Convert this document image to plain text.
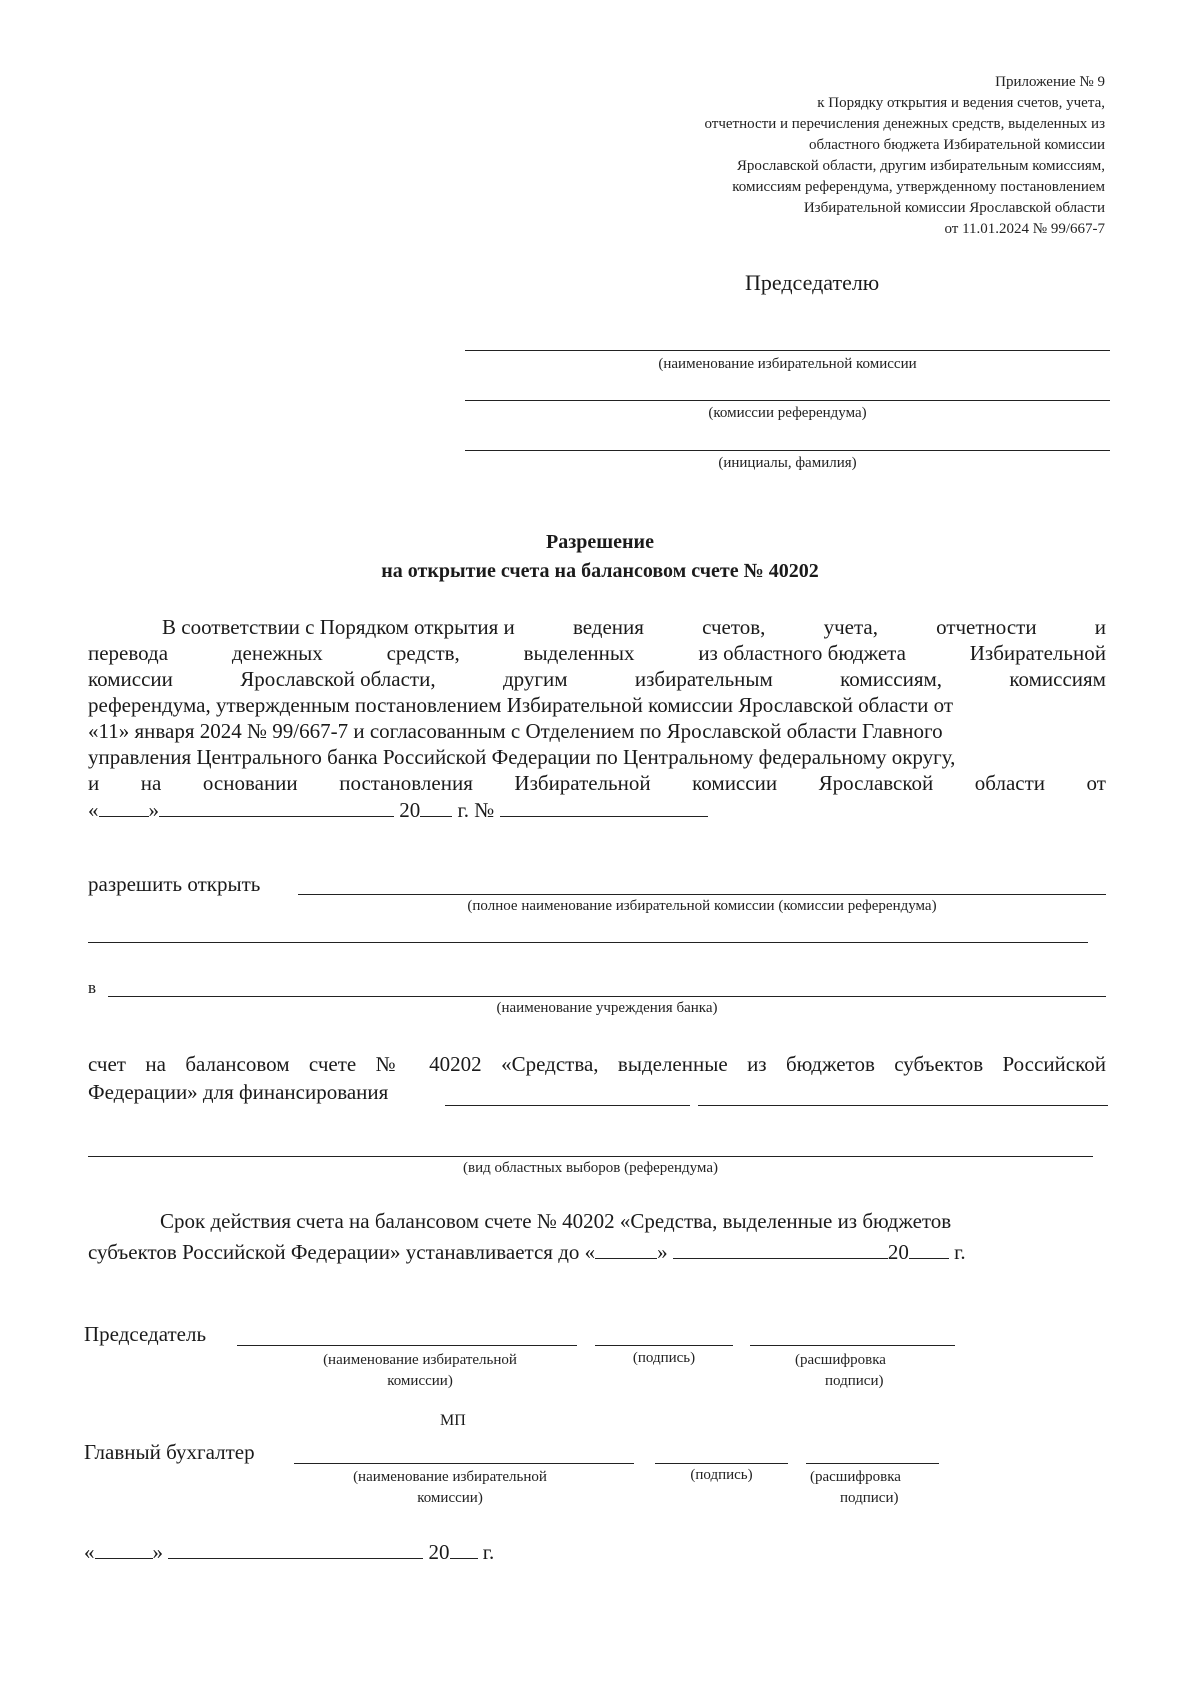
Приложение № 9
к Порядку открытия и ведения счетов, учета,
отчетности и перечисления денежных средств, выделенных из
областного бюджета Избирательной комиссии
Ярославской области, другим избирательным комиссиям,
комиссиям референдума, утвержденному постановлением
Избирательной комиссии Ярославской области
от 11.01.2024 № 99/667-7
Председателю
(наименование избирательной комиссии
(комиссии референдума)
(инициалы, фамилия)
Разрешение
на открытие счета на балансовом счете № 40202
В соответствии с Порядком открытия и	ведения	счетов,	учета,	отчетности	и
перевода	денежных	средств,	выделенных	из областного бюджета	Избирательной
комиссии	Ярославской области,	другим	избирательным	комиссиям,	комиссиям
референдума, утвержденным постановлением Избирательной комиссии Ярославской области от
«11» января 2024 № 99/667-7 и согласованным с Отделением по Ярославской области Главного
управления Центрального банка Российской Федерации по Центральному федеральному округу,
и на основании постановления Избирательной комиссии Ярославской области от
« »	20 г. №
разрешить открыть
(полное наименование избирательной комиссии (комиссии референдума)
в
(наименование учреждения банка)
счет на балансовом счете № 40202 «Средства, выделенные из бюджетов субъектов Российской
Федерации» для финансирования
(вид областных выборов (референдума)
Срок действия счета на балансовом счете № 40202 «Средства, выделенные из бюджетов
субъектов Российской Федерации» устанавливается до «	»	20 г.
Председатель
(наименование избирательной
комиссии)
(подпись)	(расшифровка
подписи)
МП
Главный бухгалтер
(наименование избирательной
комиссии)
(подпись)	(расшифровка
подписи)
«	»	20 г.
